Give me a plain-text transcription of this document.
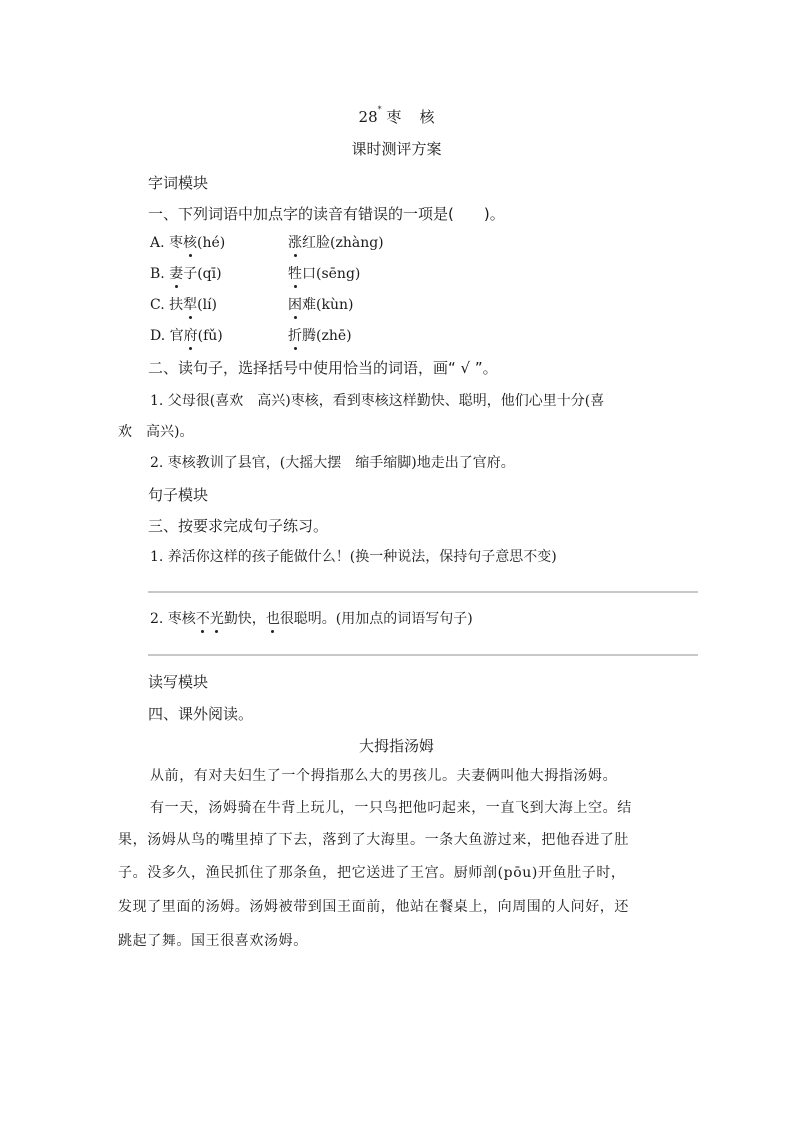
28* 枣 核
课时测评方案
字词模块
一、下列词语中加点字的读音有错误的一项是( )。
A. 枣核(hé)	涨红脸(zhàng)
B. 妻子(qī)	牲口(sēng)
C. 扶犁(lí)	困难(kùn)
D. 官府(fǔ)	折腾(zhē)
二、读句子，选择括号中使用恰当的词语，画“ √ ”。
1. 父母很(喜欢　高兴)枣核，看到枣核这样勤快、聪明，他们心里十分(喜
欢　高兴)。
2. 枣核教训了县官，(大摇大摆　缩手缩脚)地走出了官府。
句子模块
三、按要求完成句子练习。
1. 养活你这样的孩子能做什么！(换一种说法，保持句子意思不变)
2. 枣核不光勤快，也很聪明。(用加点的词语写句子)
读写模块
四、课外阅读。
大拇指汤姆
从前，有对夫妇生了一个拇指那么大的男孩儿。夫妻俩叫他大拇指汤姆。
有一天，汤姆骑在牛背上玩儿，一只鸟把他叼起来，一直飞到大海上空。结
果，汤姆从鸟的嘴里掉了下去，落到了大海里。一条大鱼游过来，把他吞进了肚
子。没多久，渔民抓住了那条鱼，把它送进了王宫。厨师剖(pōu)开鱼肚子时，
发现了里面的汤姆。汤姆被带到国王面前，他站在餐桌上，向周围的人问好，还
跳起了舞。国王很喜欢汤姆。
